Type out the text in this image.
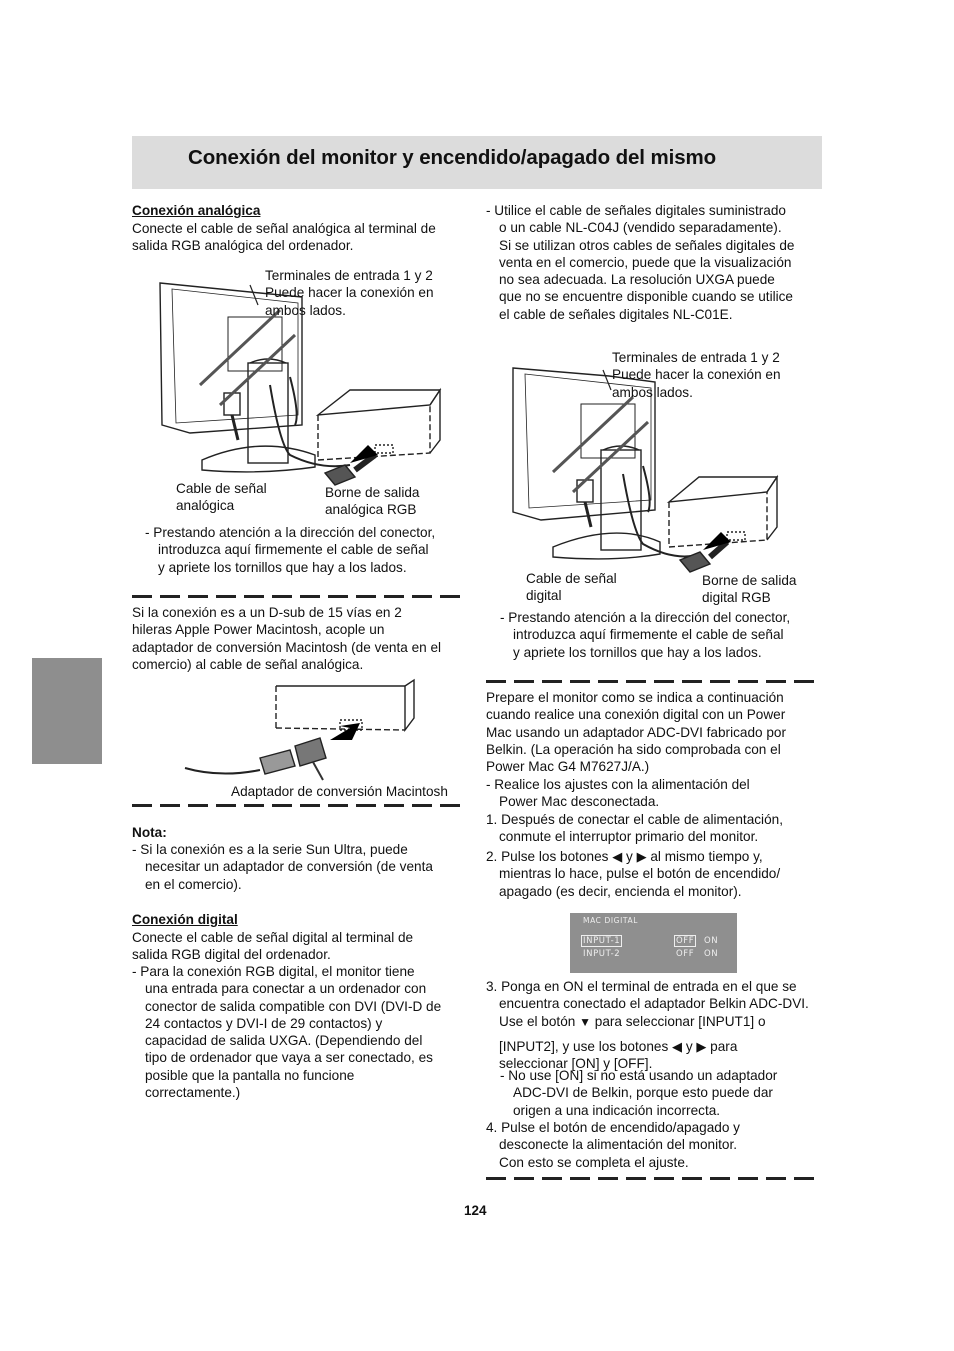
Conexión del monitor y encendido/apagado del mismo
Conexión analógica
Conecte el cable de señal analógica al terminal de
salida RGB analógica del ordenador.
Terminales de entrada 1 y 2
Puede hacer la conexión en
ambos lados.
Cable de señal
analógica
Borne de salida
analógica RGB
- Prestando atención a la dirección del conector,
introduzca aquí firmemente el cable de señal
y apriete los tornillos que hay a los lados.
Si la conexión es a un D-sub de 15 vías en 2
hileras Apple Power Macintosh, acople un
adaptador de conversión Macintosh (de venta en el
comercio) al cable de señal analógica.
Adaptador de conversión Macintosh
Nota:
- Si la conexión es a la serie Sun Ultra, puede
necesitar un adaptador de conversión (de venta
en el comercio).
Conexión digital
Conecte el cable de señal digital al terminal de
salida RGB digital del ordenador.
- Para la conexión RGB digital, el monitor tiene
una entrada para conectar a un ordenador con
conector de salida compatible con DVI (DVI-D de
24 contactos y DVI-I de 29 contactos) y
capacidad de salida UXGA. (Dependiendo del
tipo de ordenador que vaya a ser conectado, es
posible que la pantalla no funcione
correctamente.)
- Utilice el cable de señales digitales suministrado
o un cable NL-C04J (vendido separadamente).
Si se utilizan otros cables de señales digitales de
venta en el comercio, puede que la visualización
no sea adecuada. La resolución UXGA puede
que no se encuentre disponible cuando se utilice
el cable de señales digitales NL-C01E.
Terminales de entrada 1 y 2
Puede hacer la conexión en
ambos lados.
Cable de señal
digital
Borne de salida
digital RGB
- Prestando atención a la dirección del conector,
introduzca aquí firmemente el cable de señal
y apriete los tornillos que hay a los lados.
Prepare el monitor como se indica a continuación
cuando realice una conexión digital con un Power
Mac usando un adaptador ADC-DVI fabricado por
Belkin. (La operación ha sido comprobada con el
Power Mac G4 M7627J/A.)
- Realice los ajustes con la alimentación del
Power Mac desconectada.
1. Después de conectar el cable de alimentación,
conmute el interruptor primario del monitor.
2. Pulse los botones ◀ y ▶ al mismo tiempo y,
mientras lo hace, pulse el botón de encendido/
apagado (es decir, encienda el monitor).
MAC DIGITAL
INPUT-1	OFF ON
INPUT-2	OFF ON
3. Ponga en ON el terminal de entrada en el que se
encuentra conectado el adaptador Belkin ADC-DVI.
Use el botón ▼ para seleccionar [INPUT1] o
[INPUT2], y use los botones ◀ y ▶ para
seleccionar [ON] y [OFF].
- No use [ON] si no está usando un adaptador
ADC-DVI de Belkin, porque esto puede dar
origen a una indicación incorrecta.
4. Pulse el botón de encendido/apagado y
desconecte la alimentación del monitor.
Con esto se completa el ajuste.
124
